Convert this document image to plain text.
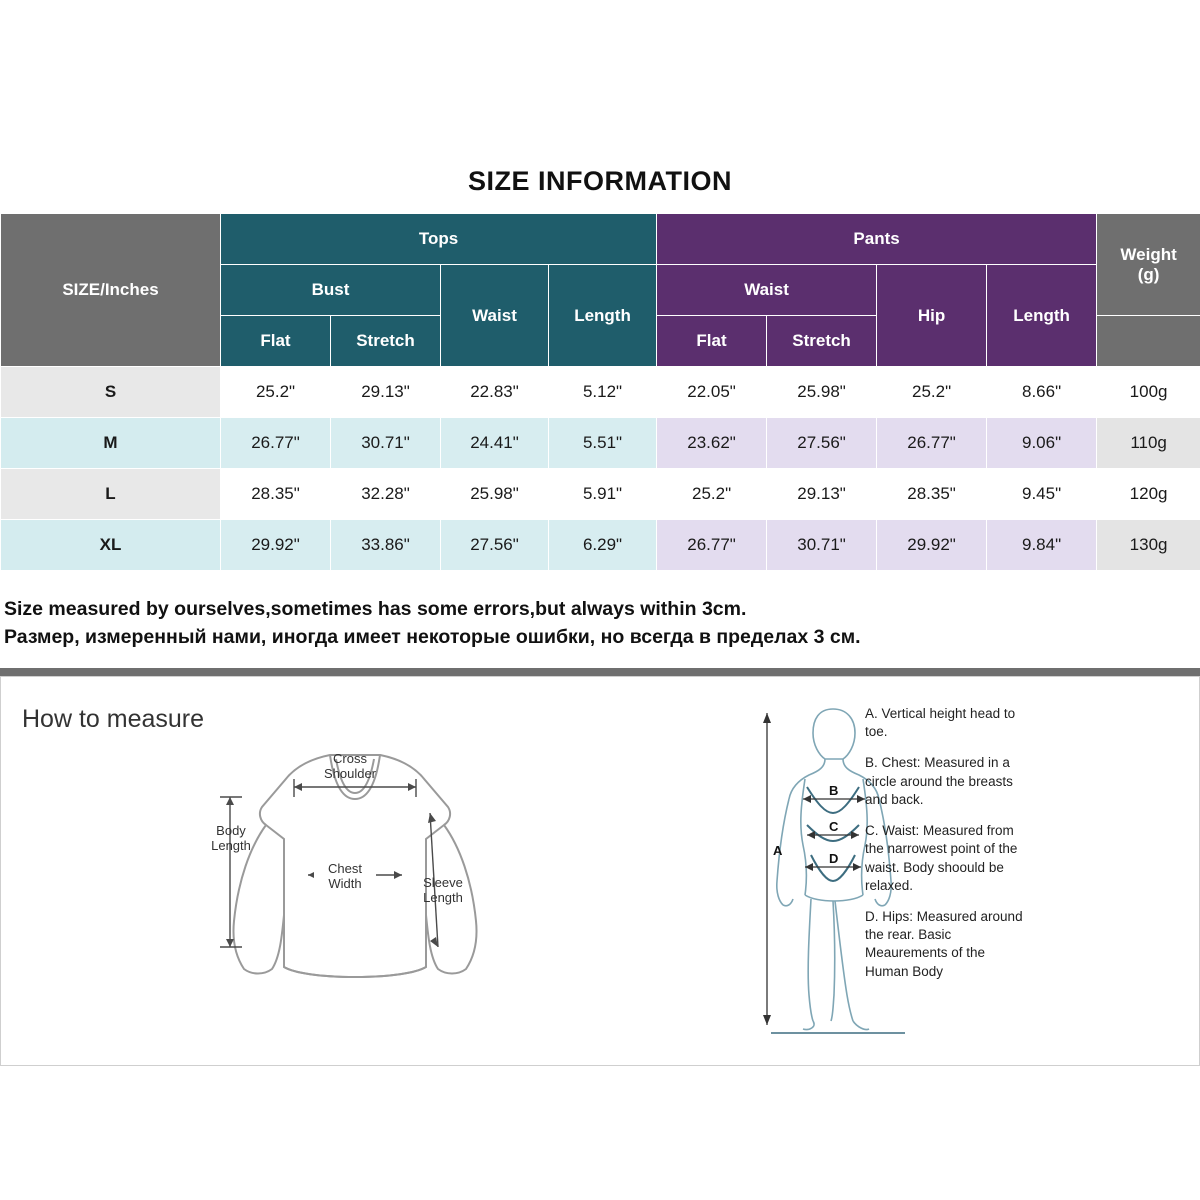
SIZE INFORMATION
SIZE/Inches	Tops				Pants				Weight
(g)
	Bust		Waist	Length	Waist		Hip	Length	
	Flat	Stretch			Flat	Stretch			
S	25.2"	29.13"	22.83"	5.12"	22.05"	25.98"	25.2"	8.66"	100g
M	26.77"	30.71"	24.41"	5.51"	23.62"	27.56"	26.77"	9.06"	110g
L	28.35"	32.28"	25.98"	5.91"	25.2"	29.13"	28.35"	9.45"	120g
XL	29.92"	33.86"	27.56"	6.29"	26.77"	30.71"	29.92"	9.84"	130g
Size measured by ourselves,sometimes has some errors,but always within 3cm.
Размер, измеренный нами, иногда имеет некоторые ошибки, но всегда в пределах 3 см.
How to measure
Cross
Shoulder
Body
Length
Chest
Width	Sleeve
Length
A
B
C
D

A. Vertical height head to toe.

B. Chest: Measured in a circle around the breasts and back.

C. Waist: Measured from the narrowest point of the waist. Body shoould be relaxed.

D. Hips: Measured around the rear. Basic Meaurements of the Human Body
